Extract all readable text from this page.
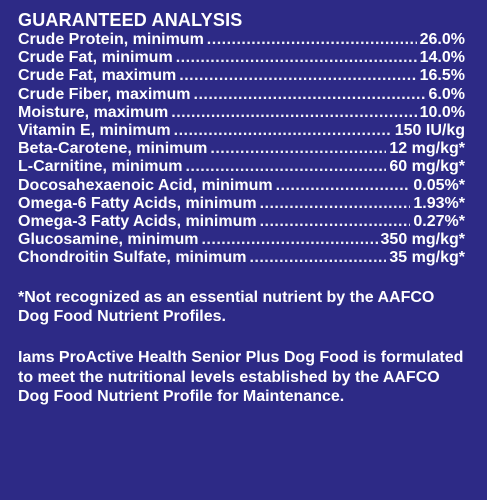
GUARANTEED ANALYSIS
Crude Protein, minimum .....	26.0%
Crude Fat, minimum .....	14.0%
Crude Fat, maximum .....	16.5%
Crude Fiber, maximum .....	6.0%
Moisture, maximum .....	10.0%
Vitamin E, minimum .....	150 IU/kg
Beta-Carotene, minimum .....	12 mg/kg*
L-Carnitine, minimum .....	60 mg/kg*
Docosahexaenoic Acid, minimum .....	0.05%*
Omega-6 Fatty Acids, minimum .....	1.93%*
Omega-3 Fatty Acids, minimum .....	0.27%*
Glucosamine, minimum .....	350 mg/kg*
Chondroitin Sulfate, minimum .....	35 mg/kg*
*Not recognized as an essential nutrient by the AAFCO Dog Food Nutrient Profiles.
Iams ProActive Health Senior Plus Dog Food is formulated to meet the nutritional levels established by the AAFCO Dog Food Nutrient Profile for Maintenance.
